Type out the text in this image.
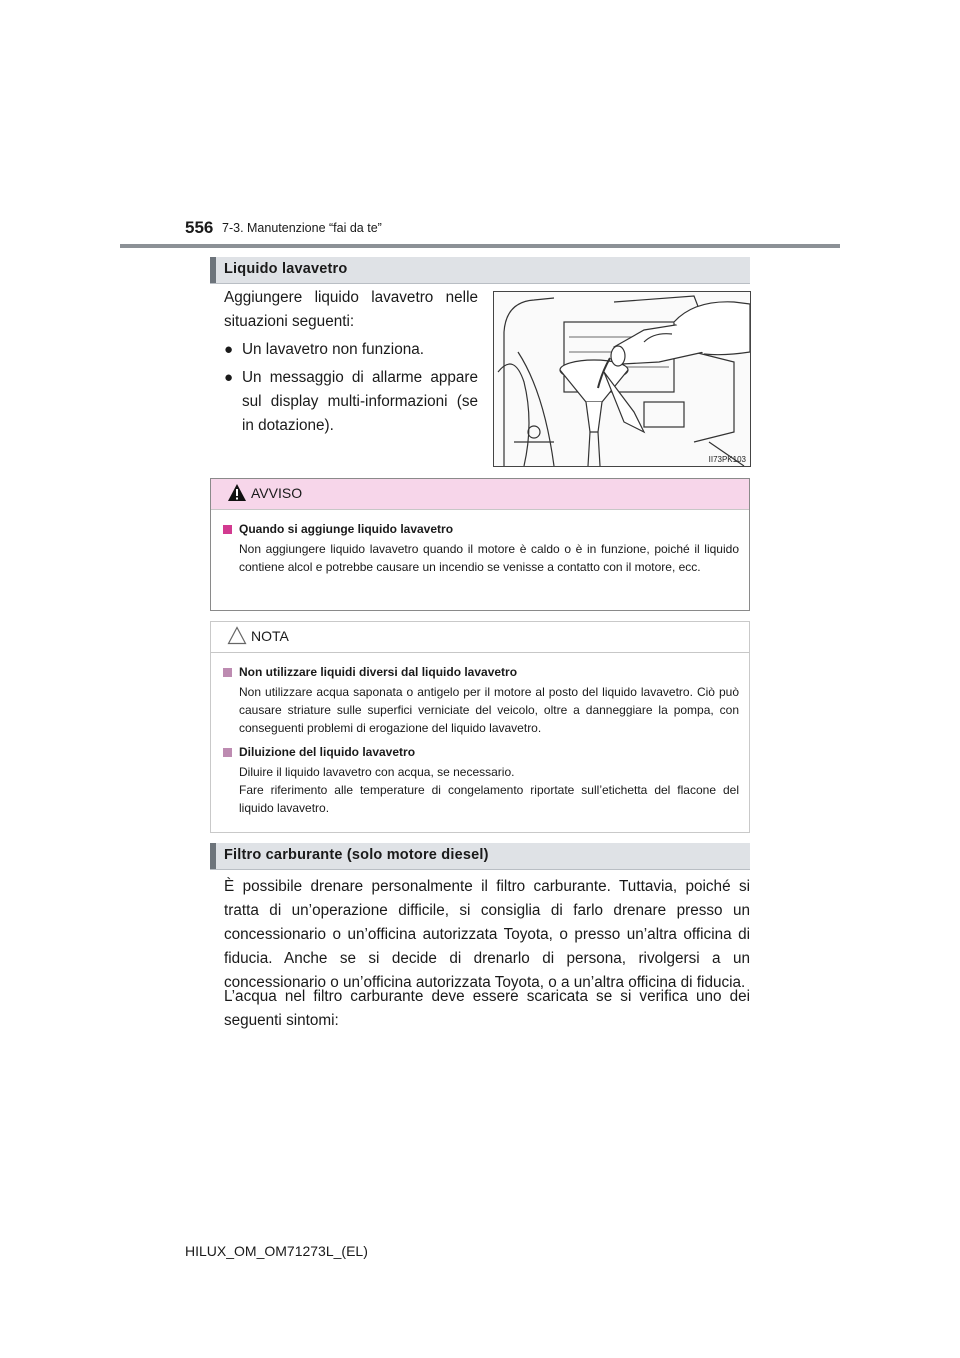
556 7-3. Manutenzione “fai da te”
Liquido lavavetro
Aggiungere liquido lavavetro nelle situazioni seguenti:
● Un lavavetro non funziona.
● Un messaggio di allarme appare sul display multi-informazioni (se in dotazione).
II73PK103
AVVISO
Quando si aggiunge liquido lavavetro
Non aggiungere liquido lavavetro quando il motore è caldo o è in funzione, poiché il liquido contiene alcol e potrebbe causare un incendio se venisse a contatto con il motore, ecc.
NOTA
Non utilizzare liquidi diversi dal liquido lavavetro
Non utilizzare acqua saponata o antigelo per il motore al posto del liquido lavavetro. Ciò può causare striature sulle superfici verniciate del veicolo, oltre a danneggiare la pompa, con conseguenti problemi di erogazione del liquido lavavetro.
Diluizione del liquido lavavetro
Diluire il liquido lavavetro con acqua, se necessario.
Fare riferimento alle temperature di congelamento riportate sull’etichetta del flacone del liquido lavavetro.
Filtro carburante (solo motore diesel)
È possibile drenare personalmente il filtro carburante. Tuttavia, poiché si tratta di un’operazione difficile, si consiglia di farlo drenare presso un concessionario o un’officina autorizzata Toyota, o presso un’altra officina di fiducia. Anche se si decide di drenarlo di persona, rivolgersi a un concessionario o un’officina autorizzata Toyota, o a un’altra officina di fiducia.
L’acqua nel filtro carburante deve essere scaricata se si verifica uno dei seguenti sintomi:
HILUX_OM_OM71273L_(EL)
